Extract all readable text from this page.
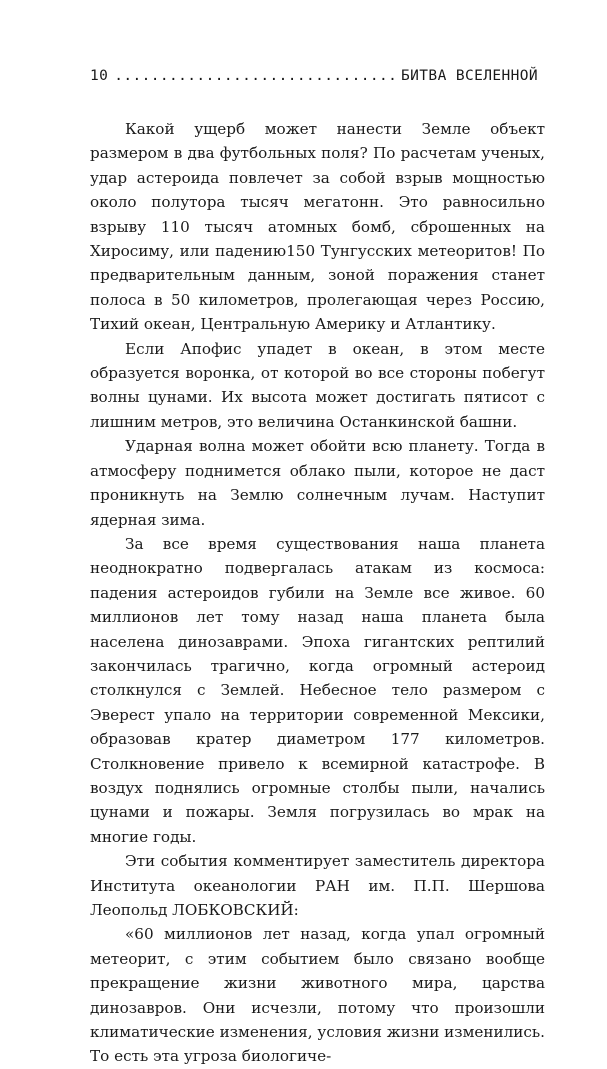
10
.....	БИТВА ВСЕЛЕННОЙ

Какой ущерб может нанести Земле объект размером в два футбольных поля? По расчетам ученых, удар астероида повлечет за собой взрыв мощностью около полутора тысяч мегатонн. Это равносильно взрыву 110 тысяч атомных бомб, сброшенных на Хиросиму, или падению150 Тунгусских метеоритов! По предварительным данным, зоной поражения станет полоса в 50 километров, пролегающая через Россию, Тихий океан, Центральную Америку и Атлантику.

Если Апофис упадет в океан, в этом месте образуется воронка, от которой во все стороны побегут волны цунами. Их высота может достигать пятисот с лишним метров, это величина Останкинской башни.

Ударная волна может обойти всю планету. Тогда в атмосферу поднимется облако пыли, которое не даст проникнуть на Землю солнечным лучам. Наступит ядерная зима.

За все время существования наша планета неоднократно подвергалась атакам из космоса: падения астероидов губили на Земле все живое. 60 миллионов лет тому назад наша планета была населена динозаврами. Эпоха гигантских рептилий закончилась трагично, когда огромный астероид столкнулся с Землей. Небесное тело размером с Эверест упало на территории современной Мексики, образовав кратер диаметром 177 километров. Столкновение привело к всемирной катастрофе. В воздух поднялись огромные столбы пыли, начались цунами и пожары. Земля погрузилась во мрак на многие годы.

Эти события комментирует заместитель директора Института океанологии РАН им. П.П. Шершова Леопольд ЛОБКОВСКИЙ:

«60 миллионов лет назад, когда упал огромный метеорит, с этим событием было связано вообще прекращение жизни животного мира, царства динозавров. Они исчезли, потому что произошли климатические изменения, условия жизни изменились. То есть эта угроза биологиче-
